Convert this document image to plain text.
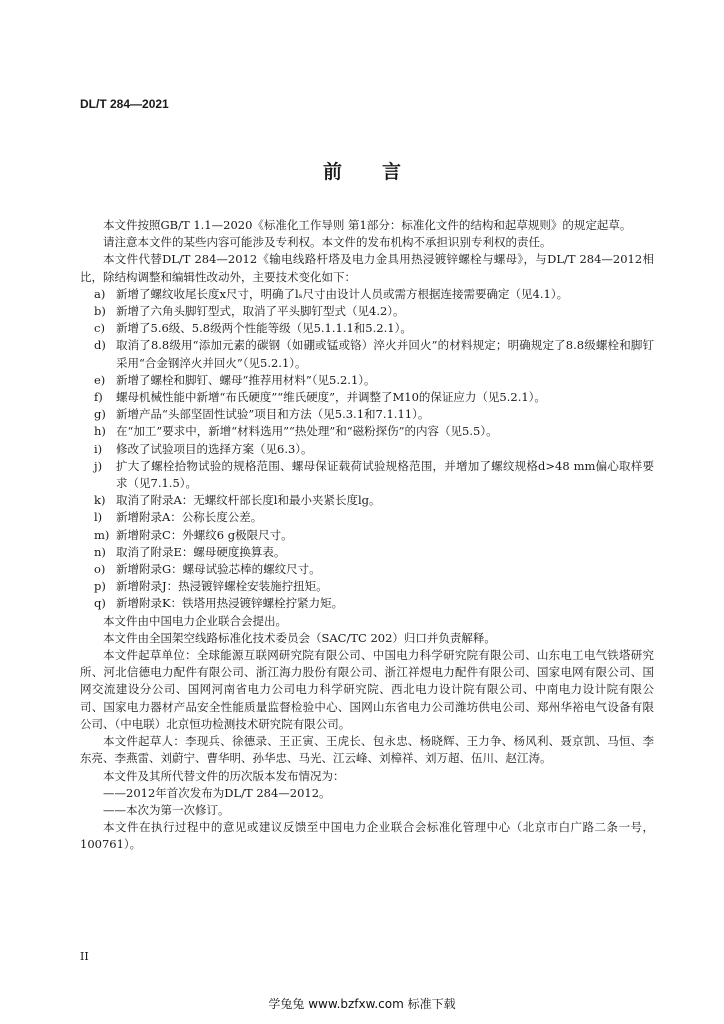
DL/T 284—2021
前言

本文件按照GB/T 1.1—2020《标准化工作导则 第1部分：标准化文件的结构和起草规则》的规定起草。

请注意本文件的某些内容可能涉及专利权。本文件的发布机构不承担识别专利权的责任。

本文件代替DL/T 284—2012《输电线路杆塔及电力金具用热浸镀锌螺栓与螺母》，与DL/T 284—2012相比，除结构调整和编辑性改动外，主要技术变化如下：

a) 新增了螺纹收尾长度x尺寸，明确了lₛ尺寸由设计人员或需方根据连接需要确定（见4.1）。
b) 新增了六角头脚钉型式，取消了平头脚钉型式（见4.2）。
c) 新增了5.6级、5.8级两个性能等级（见5.1.1.1和5.2.1）。
d) 取消了8.8级用“添加元素的碳钢（如硼或锰或铬）淬火并回火”的材料规定；明确规定了8.8级螺栓和脚钉采用“合金钢淬火并回火”（见5.2.1）。
e) 新增了螺栓和脚钉、螺母“推荐用材料”（见5.2.1）。
f)	螺母机械性能中新增“布氏硬度”“维氏硬度”，并调整了M10的保证应力（见5.2.1）。
g) 新增产品“头部坚固性试验”项目和方法（见5.3.1和7.1.11）。
h) 在“加工”要求中，新增“材料选用”“热处理”和“磁粉探伤”的内容（见5.5）。
i)	修改了试验项目的选择方案（见6.3）。
j)	扩大了螺栓拾物试验的规格范围、螺母保证载荷试验规格范围，并增加了螺纹规格d>48 mm偏心取样要求（见7.1.5）。
k) 取消了附录A：无螺纹杆部长度l和最小夹紧长度lg。
l)	新增附录A：公称长度公差。
m) 新增附录C：外螺纹6 g极限尺寸。
n) 取消了附录E：螺母硬度换算表。
o) 新增附录G：螺母试验芯棒的螺纹尺寸。
p) 新增附录J：热浸镀锌螺栓安装施拧扭矩。
q) 新增附录K：铁塔用热浸镀锌螺栓拧紧力矩。

本文件由中国电力企业联合会提出。

本文件由全国架空线路标准化技术委员会（SAC/TC 202）归口并负责解释。

本文件起草单位：全球能源互联网研究院有限公司、中国电力科学研究院有限公司、山东电工电气铁塔研究所、河北信德电力配件有限公司、浙江海力股份有限公司、浙江祥煜电力配件有限公司、国家电网有限公司、国网交流建设分公司、国网河南省电力公司电力科学研究院、西北电力设计院有限公司、中南电力设计院有限公司、国家电力器材产品安全性能质量监督检验中心、国网山东省电力公司潍坊供电公司、郑州华裕电气设备有限公司、（中电联）北京恒功检测技术研究院有限公司。

本文件起草人：李现兵、徐德录、王正寅、王虎长、包永忠、杨晓辉、王力争、杨风利、聂京凯、马恒、李东亮、李燕雷、刘蔚宁、曹华明、孙华忠、马光、江云峰、刘樟祥、刘万超、伍川、赵江涛。

本文件及其所代替文件的历次版本发布情况为：

——2012年首次发布为DL/T 284—2012。

——本次为第一次修订。

本文件在执行过程中的意见或建议反馈至中国电力企业联合会标准化管理中心（北京市白广路二条一号，100761）。

II
学兔兔 www.bzfxw.com 标准下载
